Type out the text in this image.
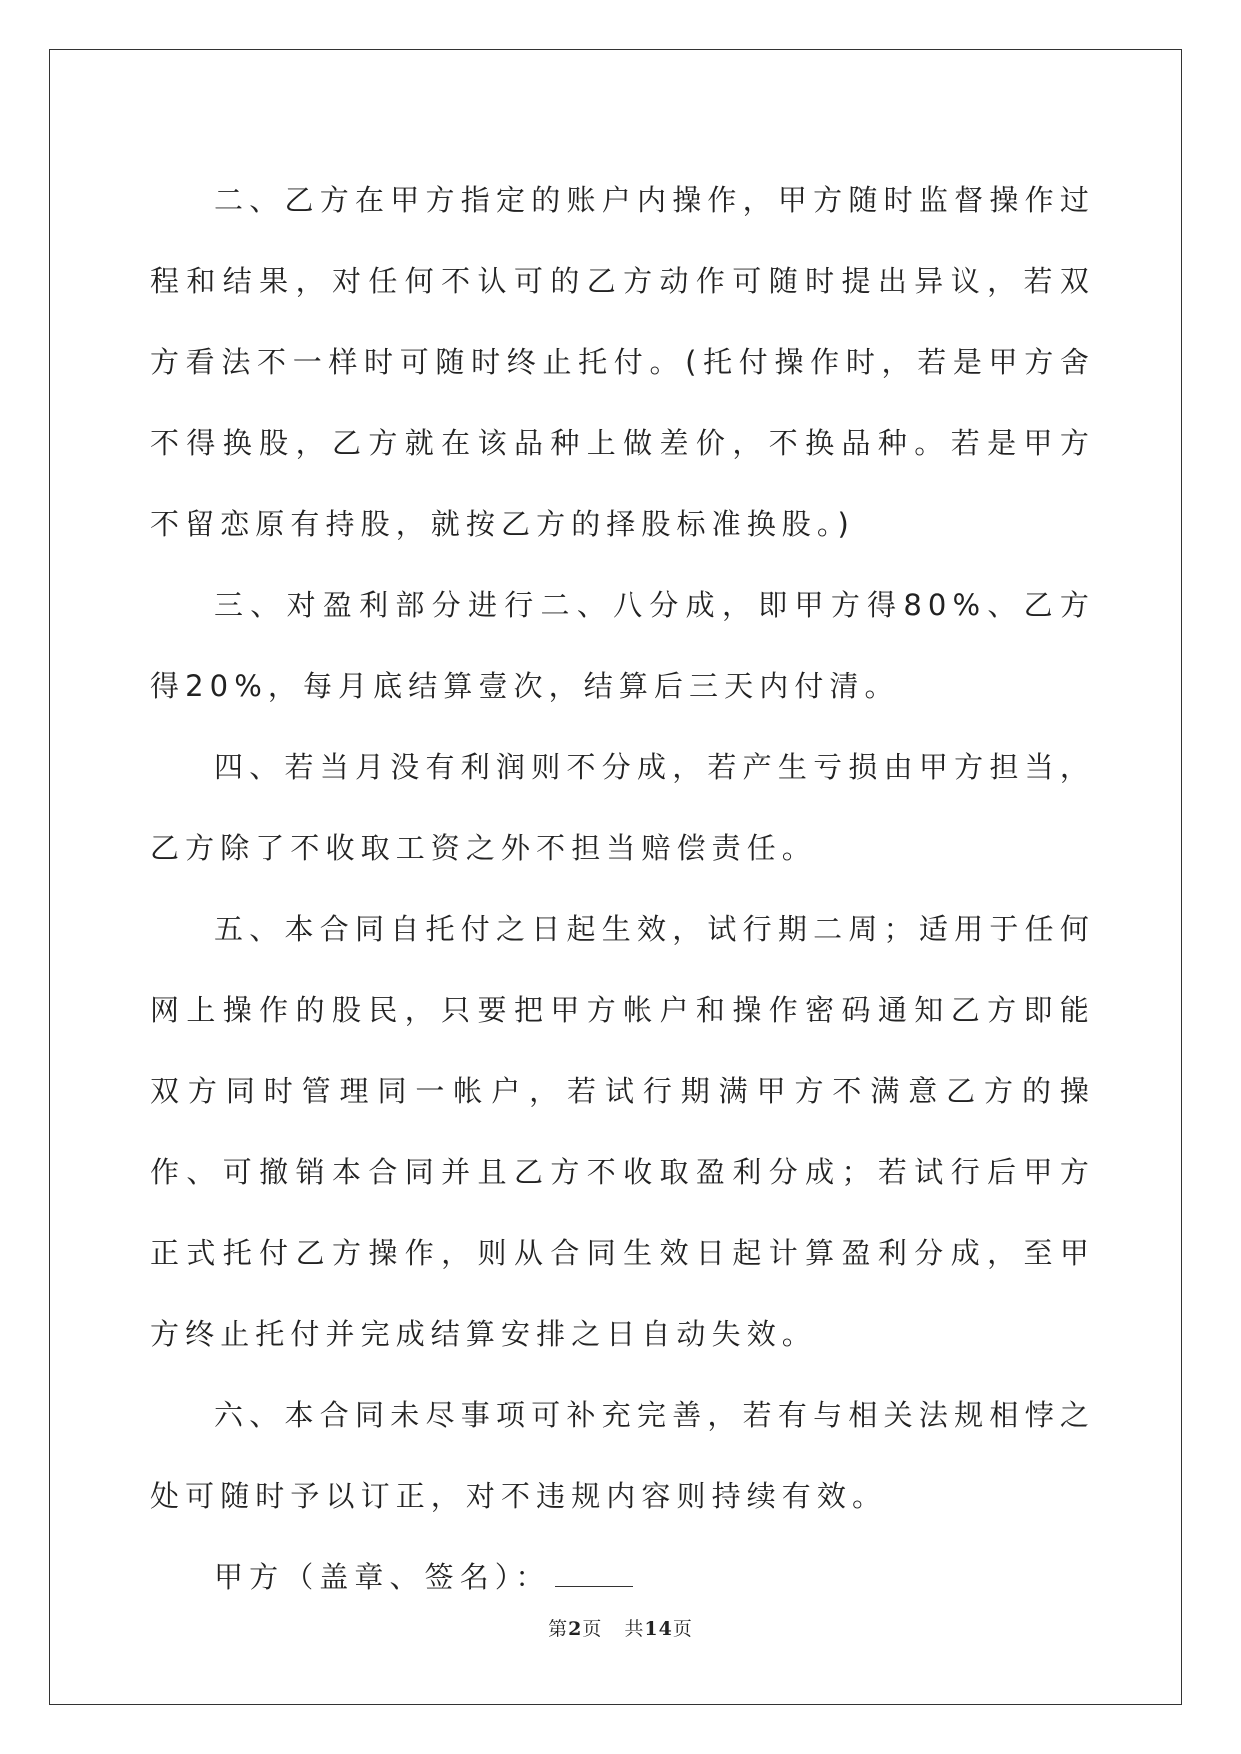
二、乙方在甲方指定的账户内操作，甲方随时监督操作过程和结果，对任何不认可的乙方动作可随时提出异议，若双方看法不一样时可随时终止托付。(托付操作时，若是甲方舍不得换股，乙方就在该品种上做差价，不换品种。若是甲方不留恋原有持股，就按乙方的择股标准换股。)

三、对盈利部分进行二、八分成，即甲方得80%、乙方得20%，每月底结算壹次，结算后三天内付清。

四、若当月没有利润则不分成，若产生亏损由甲方担当，乙方除了不收取工资之外不担当赔偿责任。

五、本合同自托付之日起生效，试行期二周；适用于任何网上操作的股民，只要把甲方帐户和操作密码通知乙方即能双方同时管理同一帐户，若试行期满甲方不满意乙方的操作、可撤销本合同并且乙方不收取盈利分成；若试行后甲方正式托付乙方操作，则从合同生效日起计算盈利分成，至甲方终止托付并完成结算安排之日自动失效。

六、本合同未尽事项可补充完善，若有与相关法规相悖之处可随时予以订正，对不违规内容则持续有效。

甲方（盖章、签名）：

第2页 共14页
